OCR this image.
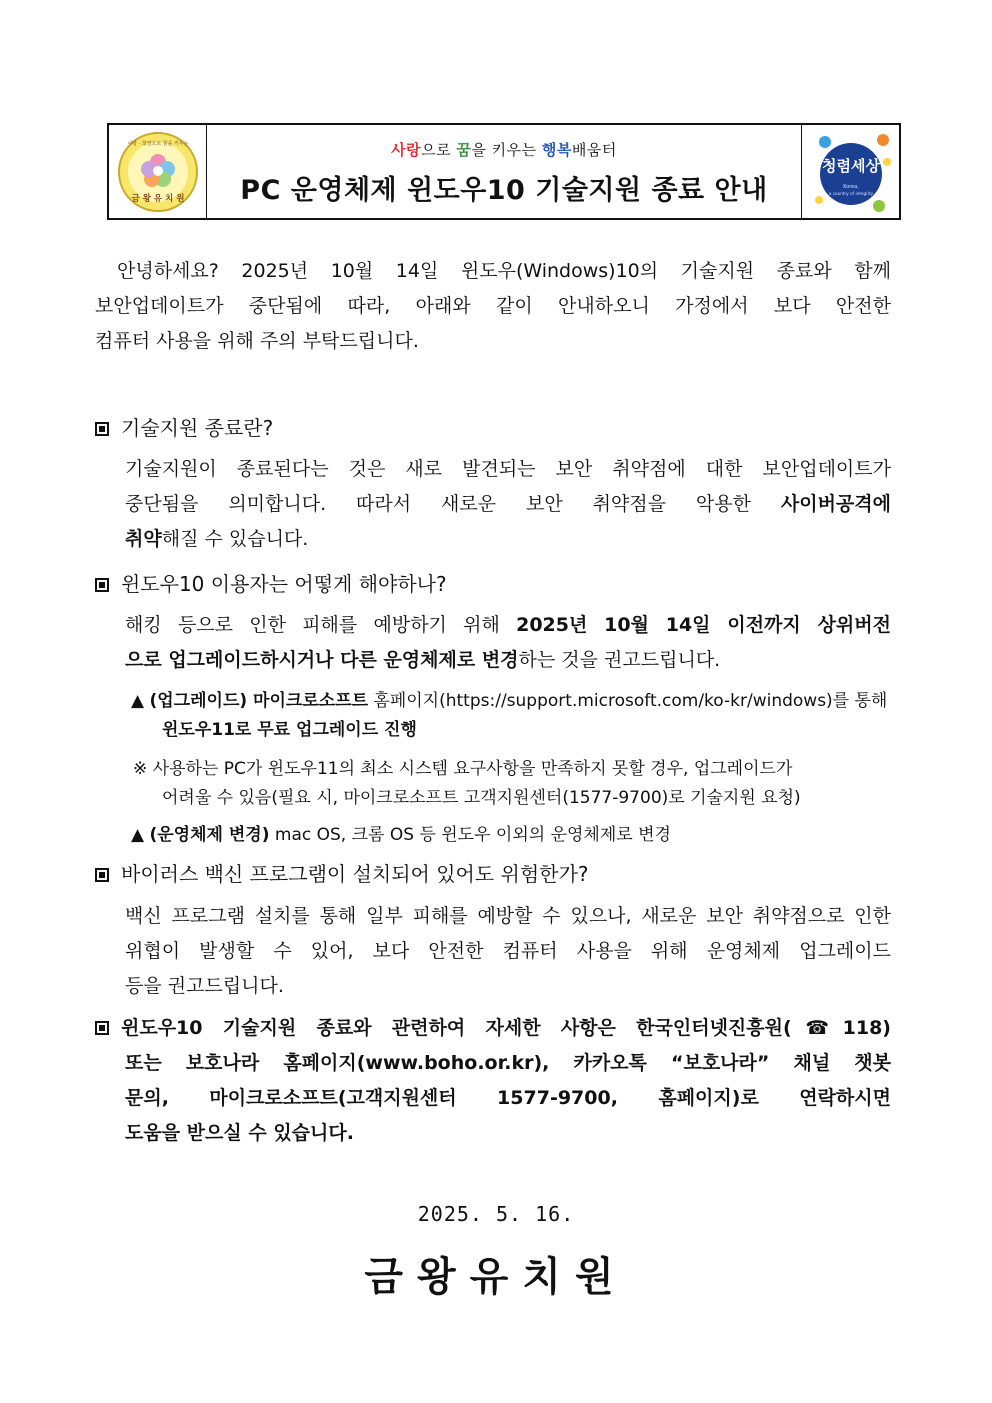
금 왕 유 치 원
사랑 · 희망으로 꿈을 키우는	사랑으로 꿈을 키우는 행복배움터
PC 운영체제 윈도우10 기술지원 종료 안내
청렴세상
Korea,
a country of integrity
안녕하세요? 2025년 10월 14일 윈도우(Windows)10의 기술지원 종료와 함께
보안업데이트가 중단됨에 따라, 아래와 같이 안내하오니 가정에서 보다 안전한
컴퓨터 사용을 위해 주의 부탁드립니다.
기술지원 종료란?
기술지원이 종료된다는 것은 새로 발견되는 보안 취약점에 대한 보안업데이트가
중단됨을 의미합니다. 따라서 새로운 보안 취약점을 악용한 사이버공격에
취약해질 수 있습니다.
윈도우10 이용자는 어떻게 해야하나?
해킹 등으로 인한 피해를 예방하기 위해 2025년 10월 14일 이전까지 상위버전
으로 업그레이드하시거나 다른 운영체제로 변경하는 것을 권고드립니다.
▲ (업그레이드) 마이크로소프트 홈페이지(https://support.microsoft.com/ko-kr/windows)를 통해
윈도우11로 무료 업그레이드 진행
※ 사용하는 PC가 윈도우11의 최소 시스템 요구사항을 만족하지 못할 경우, 업그레이드가
어려울 수 있음(필요 시, 마이크로소프트 고객지원센터(1577-9700)로 기술지원 요청)
▲ (운영체제 변경) mac OS, 크롬 OS 등 윈도우 이외의 운영체제로 변경
바이러스 백신 프로그램이 설치되어 있어도 위험한가?
백신 프로그램 설치를 통해 일부 피해를 예방할 수 있으나, 새로운 보안 취약점으로 인한
위협이 발생할 수 있어, 보다 안전한 컴퓨터 사용을 위해 운영체제 업그레이드
등을 권고드립니다.
윈도우10 기술지원 종료와 관련하여 자세한 사항은 한국인터넷진흥원(☎118)
또는 보호나라 홈페이지(www.boho.or.kr), 카카오톡 “보호나라” 채널 챗봇
문의, 마이크로소프트(고객지원센터 1577-9700, 홈페이지)로 연락하시면
도움을 받으실 수 있습니다.
2025. 5. 16.
금왕유치원
